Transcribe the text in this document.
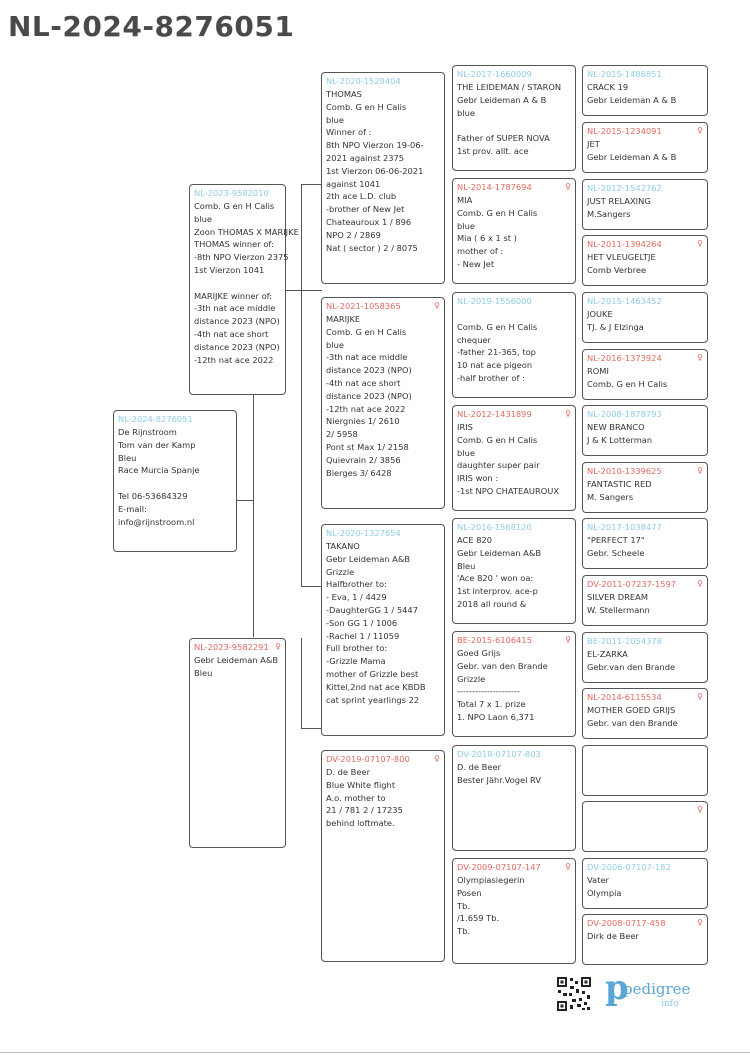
NL-2024-8276051
NL-2024-8276051
De Rijnstroom
Tom van der Kamp
Bleu
Race Murcia Spanje
Tel 06-53684329
E-mail:
info@rijnstroom.nl
NL-2023-9582010
Comb. G en H Calis
blue
Zoon THOMAS X MARIJKE
THOMAS winner of:
-8th NPO Vierzon 2375
1st Vierzon 1041
MARIJKE winner of:
-3th nat ace middle
distance 2023 (NPO)
-4th nat ace short
distance 2023 (NPO)
-12th nat ace 2022
NL-2023-9582291 ♀
Gebr Leideman A&B
Bleu
NL-2020-1529404
THOMAS
Comb. G en H Calis
blue
Winner of :
8th NPO Vierzon 19-06-
2021 against 2375
1st Vierzon 06-06-2021
against 1041
2th ace L.D. club
-brother of New Jet
Chateauroux 1 / 896
NPO 2 / 2869
Nat ( sector ) 2 / 8075
NL-2021-1058365	♀
MARIJKE
Comb. G en H Calis
blue
-3th nat ace middle
distance 2023 (NPO)
-4th nat ace short
distance 2023 (NPO)
-12th nat ace 2022
Niergnies 1/ 2610
2/ 5958
Pont st Max 1/ 2158
Quievrain 2/ 3856
Bierges 3/ 6428
NL-2020-1327654
TAKANO
Gebr Leideman A&B
Grizzle
Halfbrother to:
- Eva, 1 / 4429
-DaughterGG 1 / 5447
-Son GG 1 / 1006
-Rachel 1 / 11059
Full brother to:
-Grizzle Mama
mother of Grizzle best
Kittel,2nd nat ace KBDB
cat sprint yearlings 22
DV-2019-07107-800	♀
D. de Beer
Blue White flight
A.o. mother to
21 / 781 2 / 17235
behind loftmate.
NL-2017-1660009
THE LEIDEMAN / STARON
Gebr Leideman A & B
blue
Father of SUPER NOVA
1st prov. allt. ace
NL-2014-1787694	♀
MIA
Comb. G en H Calis
blue
Mia ( 6 x 1 st )
mother of :
- New Jet
NL-2019-1556000
Comb. G en H Calis
chequer
-father 21-365, top
10 nat ace pigeon
-half brother of :
NL-2012-1431899	♀
IRIS
Comb. G en H Calis
blue
daughter super pair
IRIS won :
-1st NPO CHATEAUROUX
NL-2016-1568120
ACE 820
Gebr Leideman A&B
Bleu
'Ace 820 ' won oa:
1st interprov. ace-p
2018 all round &
BE-2015-6106415	♀
Goed Grijs
Gebr. van den Brande
Grizzle
---------------------
Total 7 x 1. prize
1. NPO Laon 6,371
DV-2018-07107-803
D. de Beer
Bester Jähr.Vogel RV
DV-2009-07107-147	♀
Olympiasiegerin
Posen
Tb.
/1.659 Tb.
Tb.
NL-2015-1486851
CRACK 19
Gebr Leideman A & B
NL-2015-1234091	♀
JET
Gebr Leideman A & B
NL-2012-1542762
JUST RELAXING
M.Sangers
NL-2011-1394264	♀
HET VLEUGELTJE
Comb Verbree
NL-2015-1463452
JOUKE
TJ. & J Elzinga
NL-2016-1373924	♀
ROMI
Comb. G en H Calis
NL-2008-1878793
NEW BRANCO
J & K Lotterman
NL-2010-1339625	♀
FANTASTIC RED
M. Sangers
NL-2017-1038477
"PERFECT 17"
Gebr. Scheele
DV-2011-07237-1597	♀
SILVER DREAM
W. Stellermann
BE-2011-2054378
EL-ZARKA
Gebr.van den Brande
NL-2014-6115534	♀
MOTHER GOED GRIJS
Gebr. van den Brande
♀
DV-2006-07107-182
Vater
Olympia
DV-2008-0717-458	♀
Dirk de Beer
p
pedigree
info
